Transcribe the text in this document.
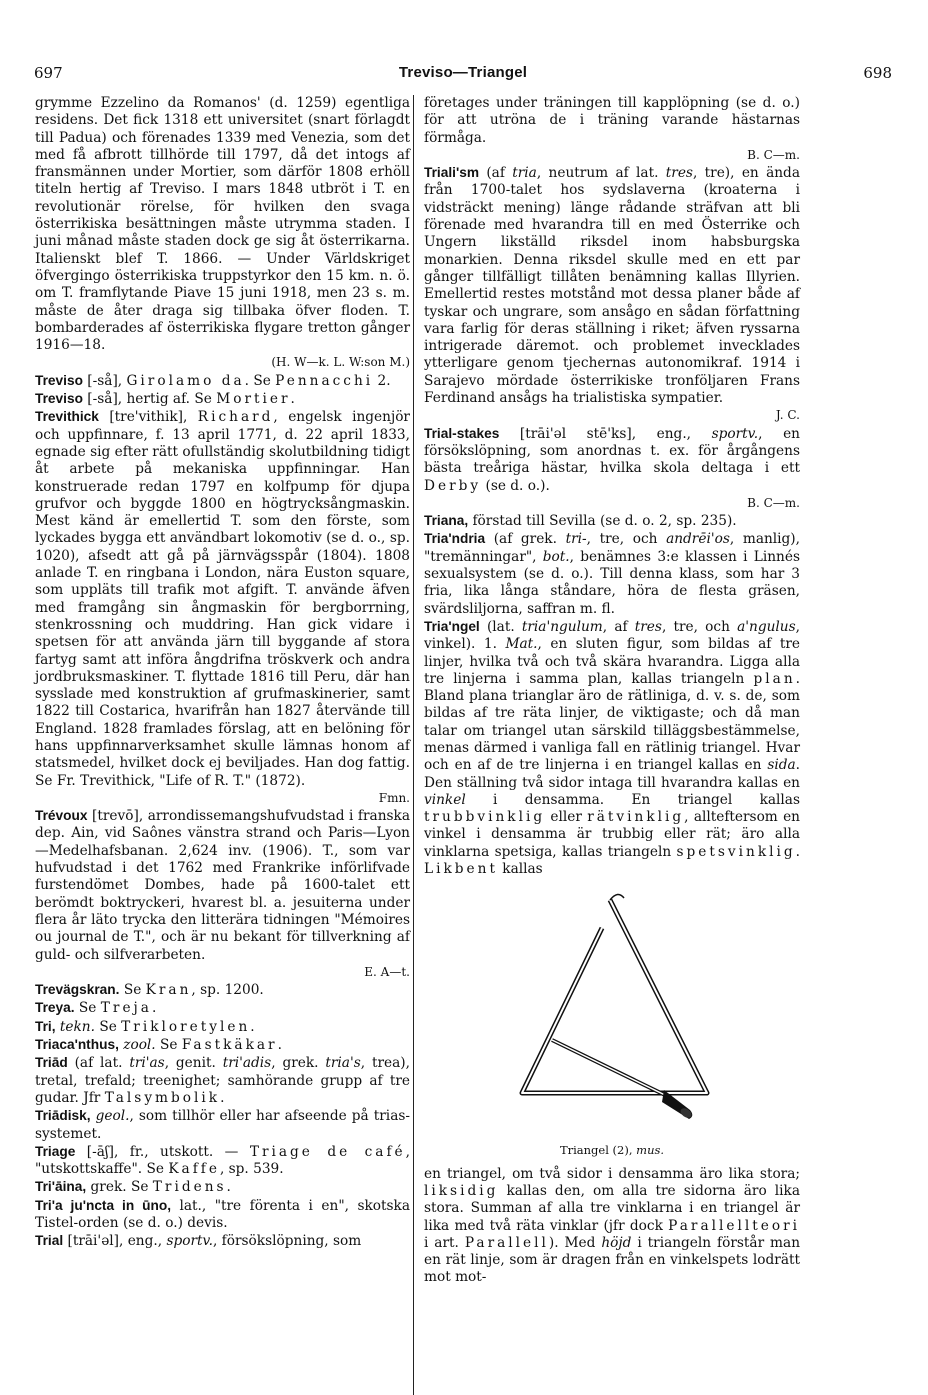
697	Treviso—Triangel	698

grymme Ezzelino da Romanos' (d. 1259) egentliga residens. Det fick 1318 ett universitet (snart förlagdt till Padua) och förenades 1339 med Venezia, som det med få afbrott tillhörde till 1797, då det intogs af fransmännen under Mortier, som därför 1808 erhöll titeln hertig af Treviso. I mars 1848 utbröt i T. en revolutionär rörelse, för hvilken den svaga österrikiska besättningen måste utrymma staden. I juni månad måste staden dock ge sig åt österrikarna. Italienskt blef T. 1866. — Under Världskriget öfvergingo österrikiska truppstyrkor den 15 km. n. ö. om T. framflytande Piave 15 juni 1918, men 23 s. m. måste de åter draga sig tillbaka öfver floden. T. bombarderades af österrikiska flygare tretton gånger 1916—18.
(H. W—k. L. W:son M.)

Treviso [-så], Girolamo da. Se Pennacchi 2.

Treviso [-så], hertig af. Se Mortier.

Trevithick [tre'vithik], Richard, engelsk ingenjör och uppfinnare, f. 13 april 1771, d. 22 april 1833, egnade sig efter rätt ofullständig skolutbildning tidigt åt arbete på mekaniska uppfinningar. Han konstruerade redan 1797 en kolfpump för djupa grufvor och byggde 1800 en högtrycksångmaskin. Mest känd är emellertid T. som den förste, som lyckades bygga ett användbart lokomotiv (se d. o., sp. 1020), afsedt att gå på järnvägsspår (1804). 1808 anlade T. en ringbana i London, nära Euston square, som uppläts till trafik mot afgift. T. använde äfven med framgång sin ångmaskin för bergborrning, stenkrossning och muddring. Han gick vidare i spetsen för att använda järn till byggande af stora fartyg samt att införa ångdrifna tröskverk och andra jordbruksmaskiner. T. flyttade 1816 till Peru, där han sysslade med konstruktion af grufmaskinerier, samt 1822 till Costarica, hvarifrån han 1827 återvände till England. 1828 framlades förslag, att en belöning för hans uppfinnarverksamhet skulle lämnas honom af statsmedel, hvilket dock ej beviljades. Han dog fattig. Se Fr. Trevithick, "Life of R. T." (1872).
Fmn.

Trévoux [trevō], arrondissemangshufvudstad i franska dep. Ain, vid Saônes vänstra strand och Paris—Lyon—Medelhafsbanan. 2,624 inv. (1906). T., som var hufvudstad i det 1762 med Frankrike införlifvade furstendömet Dombes, hade på 1600-talet ett berömdt boktryckeri, hvarest bl. a. jesuiterna under flera år läto trycka den litterära tidningen "Mémoires ou journal de T.", och är nu bekant för tillverkning af guld- och silfverarbeten.
E. A—t.

Trevägskran. Se Kran, sp. 1200.

Treya. Se Treja.

Tri, tekn. Se Trikloretylen.

Triaca'nthus, zool. Se Fastkäkar.

Triād (af lat. tri'as, genit. tri'adis, grek. tria's, trea), tretal, trefald; treenighet; samhörande grupp af tre gudar. Jfr Talsymbolik.

Triādisk, geol., som tillhör eller har afseende på trias-systemet.

Triage [-āʃ], fr., utskott. — Triage de café, "utskottskaffe". Se Kaffe, sp. 539.

Tri'āina, grek. Se Tridens.

Tri'a ju'ncta in ūno, lat., "tre förenta i en", skotska Tistel-orden (se d. o.) devis.

Trial [trāi'əl], eng., sportv., försökslöpning, som

företages under träningen till kapplöpning (se d. o.) för att utröna de i träning varande hästarnas förmåga.
B. C—m.

Triali'sm (af tria, neutrum af lat. tres, tre), en ända från 1700-talet hos sydslaverna (kroaterna i vidsträckt mening) länge rådande sträfvan att bli förenade med hvarandra till en med Österrike och Ungern likställd riksdel inom habsburgska monarkien. Denna riksdel skulle med en ett par gånger tillfälligt tillåten benämning kallas Illyrien. Emellertid restes motstånd mot dessa planer både af tyskar och ungrare, som ansågo en sådan författning vara farlig för deras ställning i riket; äfven ryssarna intrigerade däremot. och problemet invecklades ytterligare genom tjechernas autonomikraf. 1914 i Sarajevo mördade österrikiske tronföljaren Frans Ferdinand ansågs ha trialistiska sympatier.
J. C.

Trial-stakes [trāi'əl stē'ks], eng., sportv., en försökslöpning, som anordnas t. ex. för årgångens bästa treåriga hästar, hvilka skola deltaga i ett Derby (se d. o.).
B. C—m.

Triana, förstad till Sevilla (se d. o. 2, sp. 235).

Tria'ndria (af grek. tri-, tre, och andrēi'os, manlig), "tremänningar", bot., benämnes 3:e klassen i Linnés sexualsystem (se d. o.). Till denna klass, som har 3 fria, lika långa ståndare, höra de flesta gräsen, svärdsliljorna, saffran m. fl.

Tria'ngel (lat. tria'ngulum, af tres, tre, och a'ngulus, vinkel). 1. Mat., en sluten figur, som bildas af tre linjer, hvilka två och två skära hvarandra. Ligga alla tre linjerna i samma plan, kallas triangeln plan. Bland plana trianglar äro de rätliniga, d. v. s. de, som bildas af tre räta linjer, de viktigaste; och då man talar om triangel utan särskild tilläggsbestämmelse, menas därmed i vanliga fall en rätlinig triangel. Hvar och en af de tre linjerna i en triangel kallas en sida. Den ställning två sidor intaga till hvarandra kallas en vinkel i densamma. En triangel kallas trubbvinklig eller rätvinklig, allteftersom en vinkel i densamma är trubbig eller rät; äro alla vinklarna spetsiga, kallas triangeln spetsvinklig. Likbent kallas

Triangel (2), mus.

en triangel, om två sidor i densamma äro lika stora; liksidig kallas den, om alla tre sidorna äro lika stora. Summan af alla tre vinklarna i en triangel är lika med två räta vinklar (jfr dock Parallellteori i art. Parallell). Med höjd i triangeln förstår man en rät linje, som är dragen från en vinkelspets lodrätt mot mot-
